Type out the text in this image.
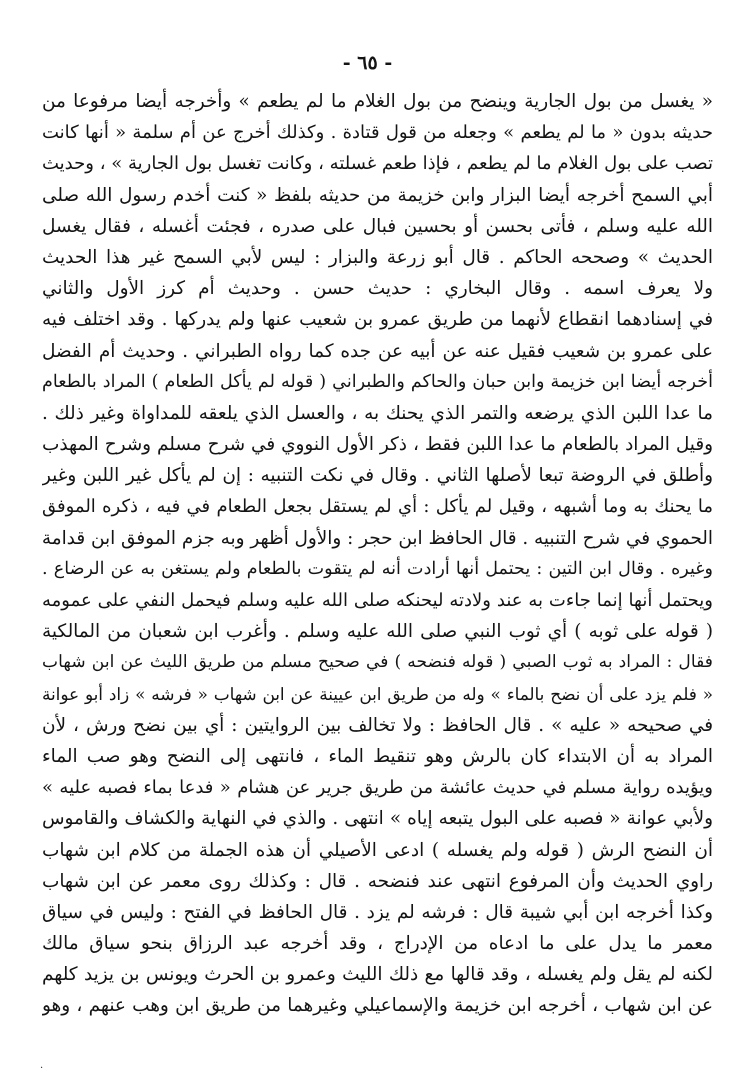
- ٦٥ -
« يغسل من بول الجارية وينضح من بول الغلام ما لم يطعم » وأخرجه أيضا مرفوعا من
حديثه بدون « ما لم يطعم » وجعله من قول قتادة . وكذلك أخرج عن أم سلمة « أنها كانت
تصب على بول الغلام ما لم يطعم ، فإذا طعم غسلته ، وكانت تغسل بول الجارية » ، وحديث
أبي السمح أخرجه أيضا البزار وابن خزيمة من حديثه بلفظ « كنت أخدم رسول الله صلى
الله عليه وسلم ، فأتى بحسن أو بحسين فبال على صدره ، فجئت أغسله ، فقال يغسل
الحديث » وصححه الحاكم . قال أبو زرعة والبزار : ليس لأبي السمح غير هذا الحديث
ولا يعرف اسمه . وقال البخاري : حديث حسن . وحديث أم كرز الأول والثاني
في إسنادهما انقطاع لأنهما من طريق عمرو بن شعيب عنها ولم يدركها . وقد اختلف فيه
على عمرو بن شعيب فقيل عنه عن أبيه عن جده كما رواه الطبراني . وحديث أم الفضل
أخرجه أيضا ابن خزيمة وابن حبان والحاكم والطبراني ( قوله لم يأكل الطعام ) المراد بالطعام
ما عدا اللبن الذي يرضعه والتمر الذي يحنك به ، والعسل الذي يلعقه للمداواة وغير ذلك .
وقيل المراد بالطعام ما عدا اللبن فقط ، ذكر الأول النووي في شرح مسلم وشرح المهذب
وأطلق في الروضة تبعا لأصلها الثاني . وقال في نكت التنبيه : إن لم يأكل غير اللبن وغير
ما يحنك به وما أشبهه ، وقيل لم يأكل : أي لم يستقل بجعل الطعام في فيه ، ذكره الموفق
الحموي في شرح التنبيه . قال الحافظ ابن حجر : والأول أظهر وبه جزم الموفق ابن قدامة
وغيره . وقال ابن التين : يحتمل أنها أرادت أنه لم يتقوت بالطعام ولم يستغن به عن الرضاع .
ويحتمل أنها إنما جاءت به عند ولادته ليحنكه صلى الله عليه وسلم فيحمل النفي على عمومه
( قوله على ثوبه ) أي ثوب النبي صلى الله عليه وسلم . وأغرب ابن شعبان من المالكية
فقال : المراد به ثوب الصبي ( قوله فنضحه ) في صحيح مسلم من طريق الليث عن ابن شهاب
« فلم يزد على أن نضح بالماء » وله من طريق ابن عيينة عن ابن شهاب « فرشه » زاد أبو عوانة
في صحيحه « عليه » . قال الحافظ : ولا تخالف بين الروايتين : أي بين نضح ورش ، لأن
المراد به أن الابتداء كان بالرش وهو تنقيط الماء ، فانتهى إلى النضح وهو صب الماء
ويؤيده رواية مسلم في حديث عائشة من طريق جرير عن هشام « فدعا بماء فصبه عليه »
ولأبي عوانة « فصبه على البول يتبعه إياه » انتهى . والذي في النهاية والكشاف والقاموس
أن النضح الرش ( قوله ولم يغسله ) ادعى الأصيلي أن هذه الجملة من كلام ابن شهاب
راوي الحديث وأن المرفوع انتهى عند فنضحه . قال : وكذلك روى معمر عن ابن شهاب
وكذا أخرجه ابن أبي شيبة قال : فرشه لم يزد . قال الحافظ في الفتح : وليس في سياق
معمر ما يدل على ما ادعاه من الإدراج ، وقد أخرجه عبد الرزاق بنحو سياق مالك
لكنه لم يقل ولم يغسله ، وقد قالها مع ذلك الليث وعمرو بن الحرث ويونس بن يزيد كلهم
عن ابن شهاب ، أخرجه ابن خزيمة والإسماعيلي وغيرهما من طريق ابن وهب عنهم ، وهو
·
